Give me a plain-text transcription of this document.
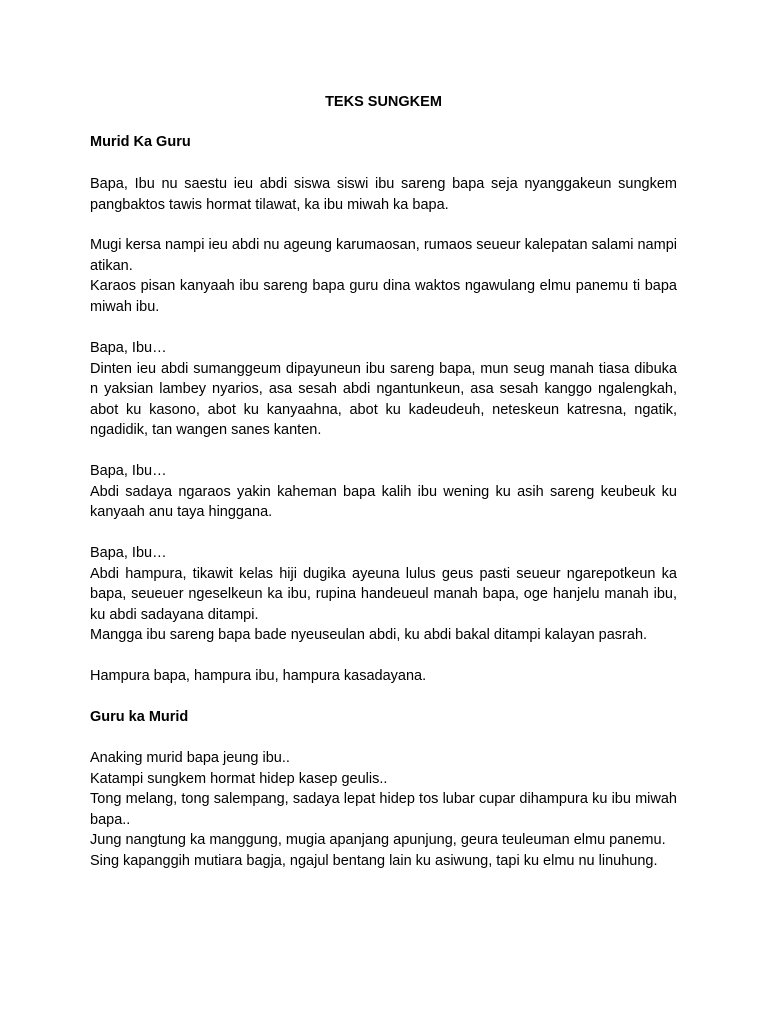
TEKS SUNGKEM
Murid Ka Guru

Bapa, Ibu nu saestu ieu abdi siswa siswi ibu sareng bapa seja nyanggakeun sungkem pangbaktos tawis hormat tilawat, ka ibu miwah ka bapa.

Mugi kersa nampi ieu abdi nu ageung karumaosan, rumaos seueur kalepatan salami nampi atikan.

Karaos pisan kanyaah ibu sareng bapa guru dina waktos ngawulang elmu panemu ti bapa miwah ibu.

Bapa, Ibu…

Dinten ieu abdi sumanggeum dipayuneun ibu sareng bapa, mun seug manah tiasa dibuka n yaksian lambey nyarios, asa sesah abdi ngantunkeun, asa sesah kanggo ngalengkah, abot ku kasono, abot ku kanyaahna, abot ku kadeudeuh, neteskeun katresna, ngatik, ngadidik, tan wangen sanes kanten.

Bapa, Ibu…

Abdi sadaya ngaraos yakin kaheman bapa kalih ibu wening ku asih sareng keubeuk ku kanyaah anu taya hinggana.

Bapa, Ibu…

Abdi hampura, tikawit kelas hiji dugika ayeuna lulus geus pasti seueur ngarepotkeun ka bapa, seueuer ngeselkeun ka ibu, rupina handeueul manah bapa, oge hanjelu manah ibu, ku abdi sadayana ditampi.

Mangga ibu sareng bapa bade nyeuseulan abdi, ku abdi bakal ditampi kalayan pasrah.

Hampura bapa, hampura ibu, hampura kasadayana.

Guru ka Murid

Anaking murid bapa jeung ibu..

Katampi sungkem hormat hidep kasep geulis..

Tong melang, tong salempang, sadaya lepat hidep tos lubar cupar dihampura ku ibu miwah bapa..

Jung nangtung ka manggung, mugia apanjang apunjung, geura teuleuman elmu panemu.

Sing kapanggih mutiara bagja, ngajul bentang lain ku asiwung, tapi ku elmu nu linuhung.
